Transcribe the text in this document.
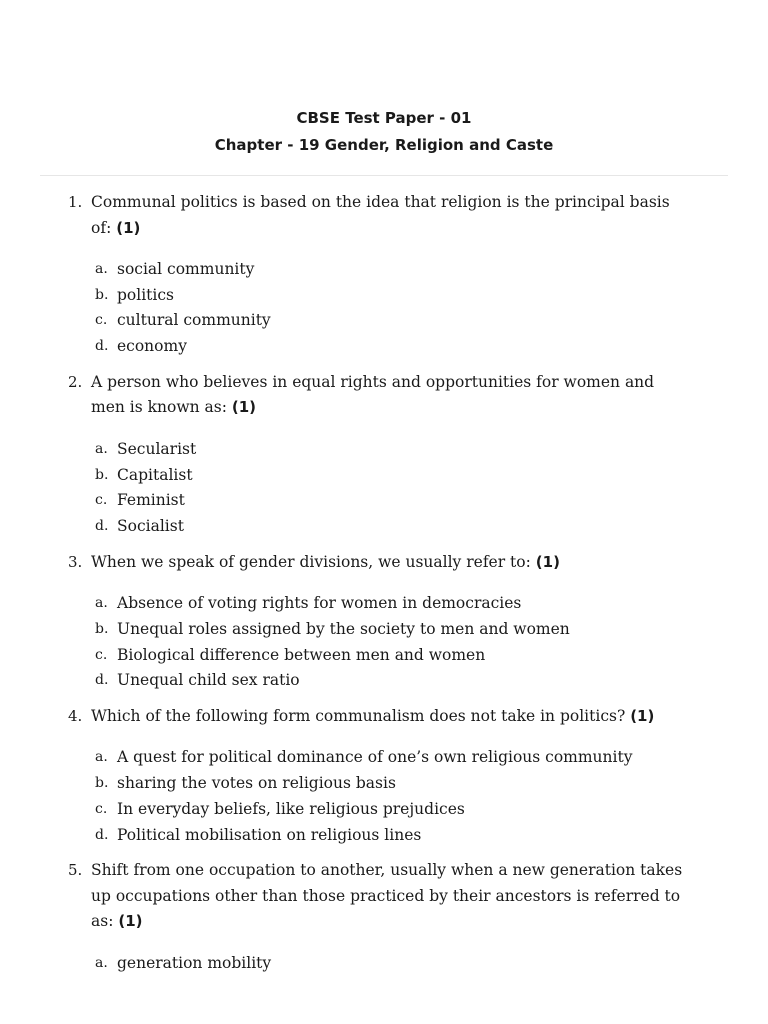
CBSE Test Paper - 01
Chapter - 19 Gender, Religion and Caste
1. Communal politics is based on the idea that religion is the principal basis of: (1)
a. social community
b. politics
c. cultural community
d. economy
2. A person who believes in equal rights and opportunities for women and men is known as: (1)
a. Secularist
b. Capitalist
c. Feminist
d. Socialist
3. When we speak of gender divisions, we usually refer to: (1)
a. Absence of voting rights for women in democracies
b. Unequal roles assigned by the society to men and women
c. Biological difference between men and women
d. Unequal child sex ratio
4. Which of the following form communalism does not take in politics? (1)
a. A quest for political dominance of one’s own religious community
b. sharing the votes on religious basis
c. In everyday beliefs, like religious prejudices
d. Political mobilisation on religious lines
5. Shift from one occupation to another, usually when a new generation takes up occupations other than those practiced by their ancestors is referred to as: (1)
a. generation mobility
